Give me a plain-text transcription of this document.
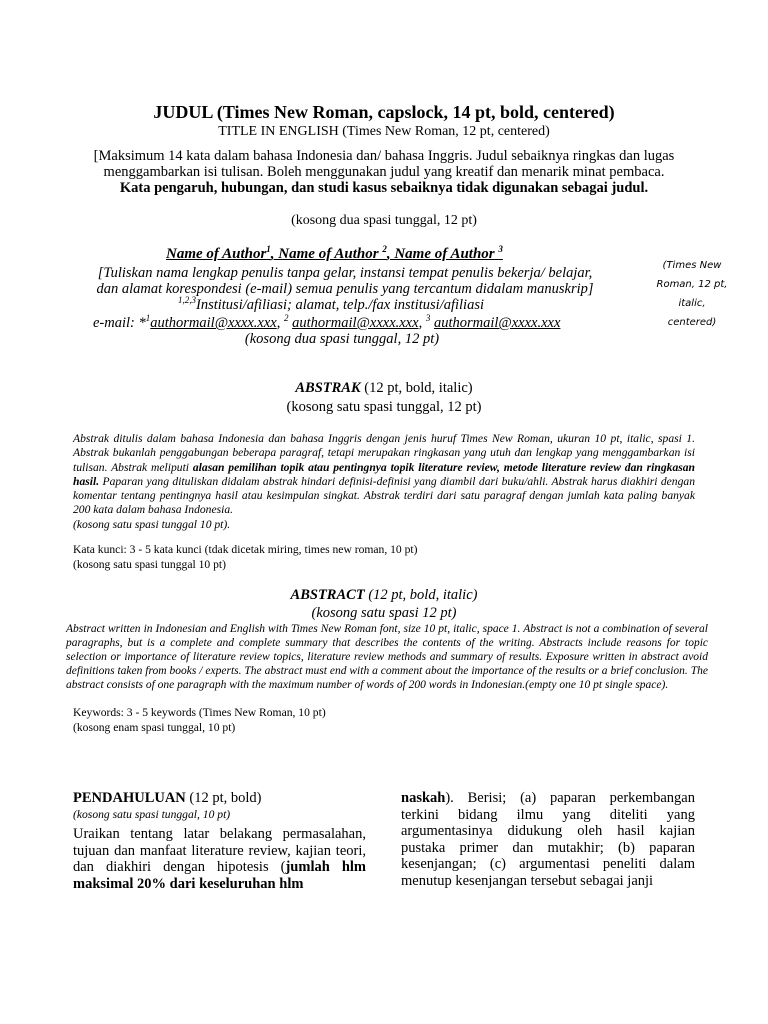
JUDUL (Times New Roman, capslock, 14 pt, bold, centered)
TITLE IN ENGLISH (Times New Roman, 12 pt, centered)
[Maksimum 14 kata dalam bahasa Indonesia dan/ bahasa Inggris. Judul sebaiknya ringkas dan lugas
menggambarkan isi tulisan. Boleh menggunakan judul yang kreatif dan menarik minat pembaca.
Kata pengaruh, hubungan, dan studi kasus sebaiknya tidak digunakan sebagai judul.
(kosong dua spasi tunggal, 12 pt)
Name of Author$^1$, Name of Author $^2$, Name of Author $^3$
[Tuliskan nama lengkap penulis tanpa gelar, instansi tempat penulis bekerja/ belajar,
dan alamat korespondesi (e-mail) semua penulis yang tercantum didalam manuskrip]
$^{1,2,3}$Institusi/afiliasi; alamat, telp./fax institusi/afiliasi
e-mail: *$^1$authormail@xxxx.xxx, $^2$ authormail@xxxx.xxx, $^3$ authormail@xxxx.xxx
(kosong dua spasi tunggal, 12 pt)
(Times New
Roman, 12 pt,
italic,
centered)
ABSTRAK (12 pt, bold, italic)
(kosong satu spasi tunggal, 12 pt)
Abstrak ditulis dalam bahasa Indonesia dan bahasa Inggris dengan jenis huruf Times New Roman, ukuran 10 pt, italic, spasi 1. Abstrak bukanlah penggabungan beberapa paragraf, tetapi merupakan ringkasan yang utuh dan lengkap yang menggambarkan isi tulisan. Abstrak meliputi alasan pemilihan topik atau pentingnya topik literature review, metode literature review dan ringkasan hasil. Paparan yang dituliskan didalam abstrak hindari definisi-definisi yang diambil dari buku/ahli. Abstrak harus diakhiri dengan komentar tentang pentingnya hasil atau kesimpulan singkat. Abstrak terdiri dari satu paragraf dengan jumlah kata paling banyak 200 kata dalam bahasa Indonesia.
(kosong satu spasi tunggal 10 pt).
Kata kunci: 3 - 5 kata kunci (tdak dicetak miring, times new roman, 10 pt)
(kosong satu spasi tunggal 10 pt)
ABSTRACT (12 pt, bold, italic)
(kosong satu spasi 12 pt)
Abstract written in Indonesian and English with Times New Roman font, size 10 pt, italic, space 1. Abstract is not a combination of several paragraphs, but is a complete and complete summary that describes the contents of the writing. Abstracts include reasons for topic selection or importance of literature review topics, literature review methods and summary of results. Exposure written in abstract avoid definitions taken from books / experts. The abstract must end with a comment about the importance of the results or a brief conclusion. The abstract consists of one paragraph with the maximum number of words of 200 words in Indonesian.(empty one 10 pt single space).
Keywords: 3 - 5 keywords (Times New Roman, 10 pt)
(kosong enam spasi tunggal, 10 pt)
PENDAHULUAN (12 pt, bold)
(kosong satu spasi tunggal, 10 pt)
Uraikan tentang latar belakang permasalahan, tujuan dan manfaat literature review, kajian teori, dan diakhiri dengan hipotesis (jumlah hlm maksimal 20% dari keseluruhan hlm
naskah). Berisi; (a) paparan perkembangan terkini bidang ilmu yang diteliti yang argumentasinya didukung oleh hasil kajian pustaka primer dan mutakhir; (b) paparan kesenjangan; (c) argumentasi peneliti dalam menutup kesenjangan tersebut sebagai janji
